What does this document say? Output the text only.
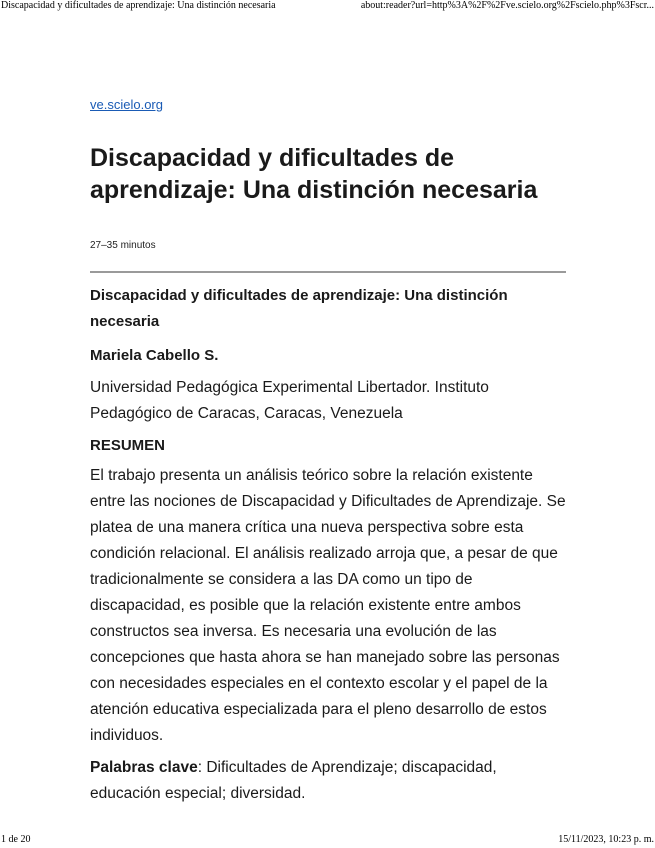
Discapacidad y dificultades de aprendizaje: Una distinción necesaria	about:reader?url=http%3A%2F%2Fve.scielo.org%2Fscielo.php%3Fscr...
ve.scielo.org
Discapacidad y dificultades de aprendizaje: Una distinción necesaria
27–35 minutos

Discapacidad y dificultades de aprendizaje: Una distinción necesaria

Mariela Cabello S.

Universidad Pedagógica Experimental Libertador. Instituto Pedagógico de Caracas, Caracas, Venezuela

RESUMEN

El trabajo presenta un análisis teórico sobre la relación existente entre las nociones de Discapacidad y Dificultades de Aprendizaje. Se platea de una manera crítica una nueva perspectiva sobre esta condición relacional. El análisis realizado arroja que, a pesar de que tradicionalmente se considera a las DA como un tipo de discapacidad, es posible que la relación existente entre ambos constructos sea inversa. Es necesaria una evolución de las concepciones que hasta ahora se han manejado sobre las personas con necesidades especiales en el contexto escolar y el papel de la atención educativa especializada para el pleno desarrollo de estos individuos.

Palabras clave: Dificultades de Aprendizaje; discapacidad, educación especial; diversidad.

1 de 20	15/11/2023, 10:23 p. m.
